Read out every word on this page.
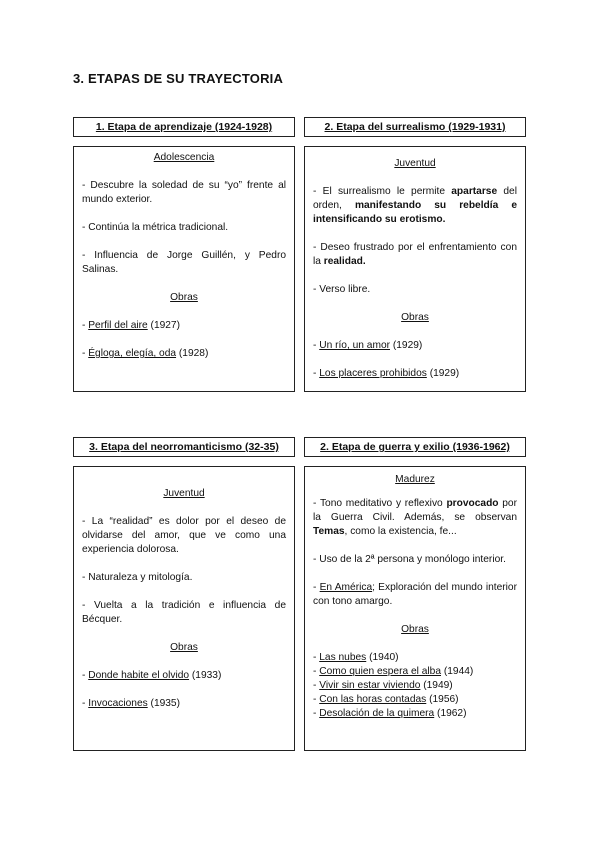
3. ETAPAS DE SU TRAYECTORIA
1. Etapa de aprendizaje (1924-1928)

Adolescencia

- Descubre la soledad de su “yo” frente al mundo exterior.

- Continúa la métrica tradicional.

- Influencia de Jorge Guillén, y Pedro Salinas.

Obras

- Perfil del aire (1927)

- Égloga, elegía, oda (1928)

2. Etapa del surrealismo (1929-1931)

Juventud

- El surrealismo le permite apartarse del orden, manifestando su rebeldía e intensificando su erotismo.

- Deseo frustrado por el enfrentamiento con la realidad.

- Verso libre.

Obras

- Un río, un amor (1929)

- Los placeres prohibidos (1929)

3. Etapa del neorromanticismo (32-35)

Juventud

- La “realidad” es dolor por el deseo de olvidarse del amor, que ve como una experiencia dolorosa.

- Naturaleza y mitología.

- Vuelta a la tradición e influencia de Bécquer.

Obras

- Donde habite el olvido (1933)

- Invocaciones (1935)

2. Etapa de guerra y exilio (1936-1962)

Madurez

- Tono meditativo y reflexivo provocado por la Guerra Civil. Además, se observan Temas, como la existencia, fe...

- Uso de la 2ª persona y monólogo interior.

- En América; Exploración del mundo interior con tono amargo.

Obras

- Las nubes (1940)

- Como quien espera el alba (1944)

- Vivir sin estar viviendo (1949)

- Con las horas contadas (1956)

- Desolación de la quimera (1962)
